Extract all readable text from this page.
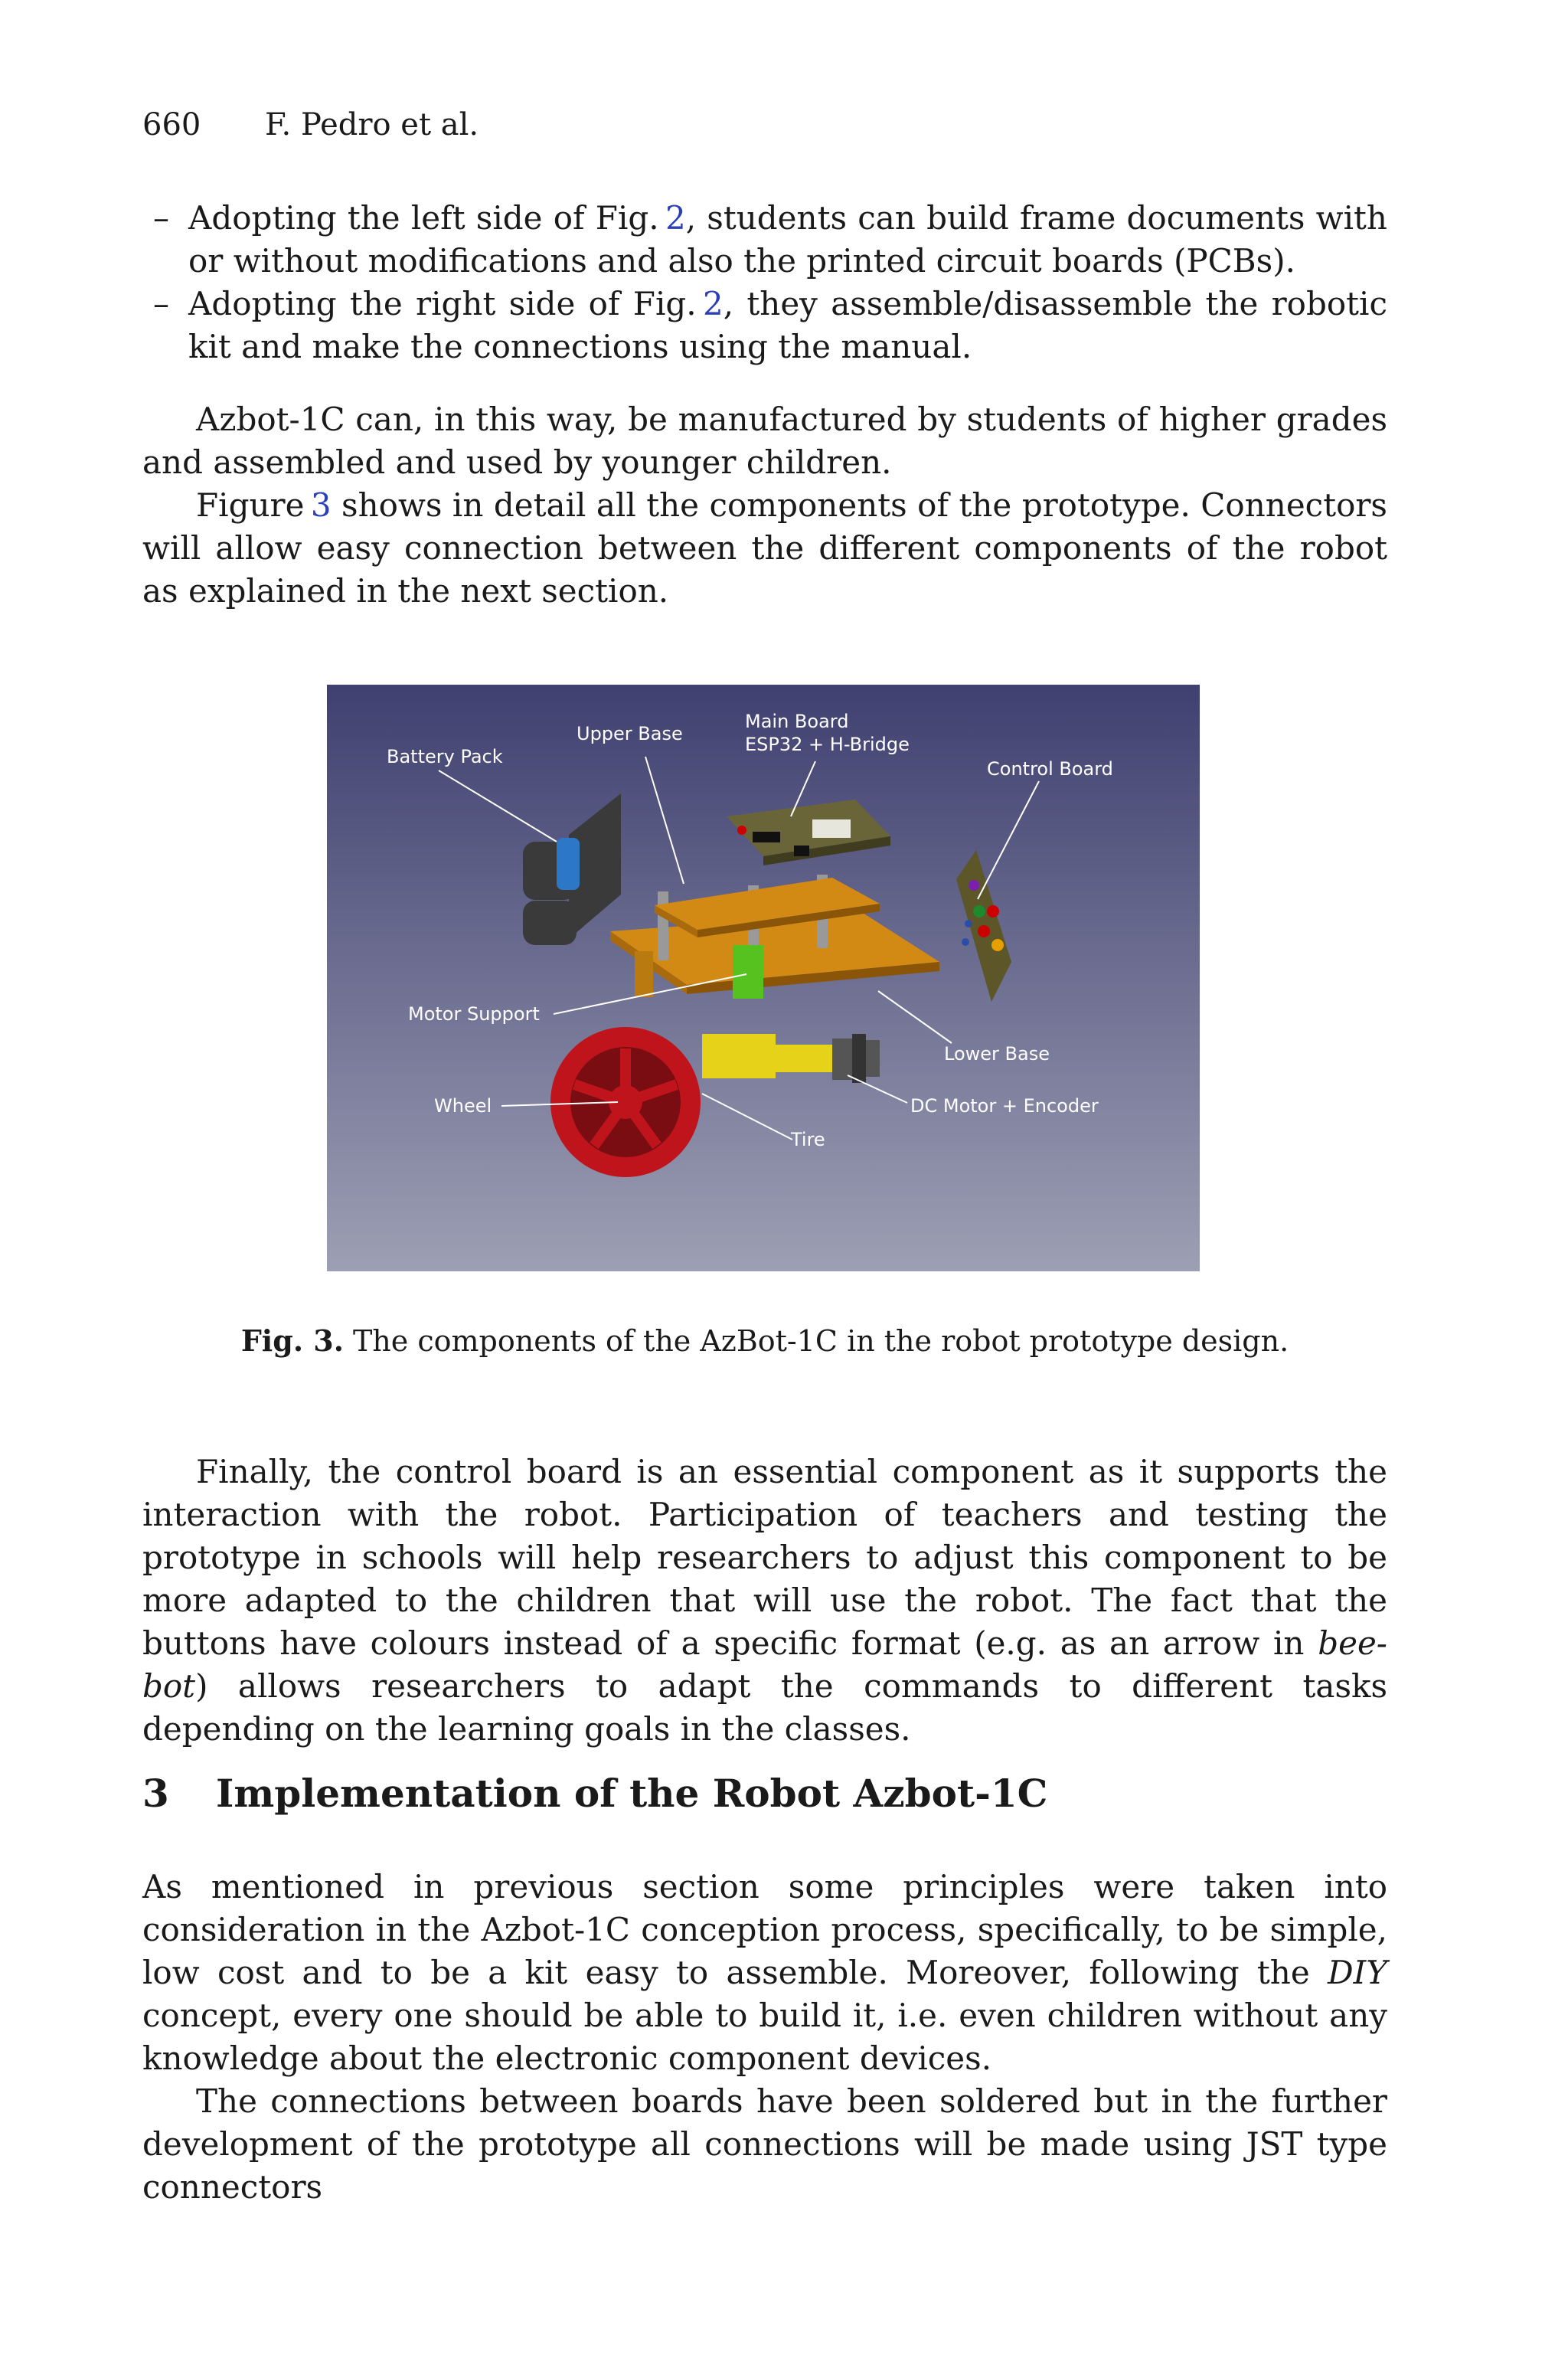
660 F. Pedro et al.
– Adopting the left side of Fig. 2, students can build frame documents with or without modifications and also the printed circuit boards (PCBs).
– Adopting the right side of Fig. 2, they assemble/disassemble the robotic kit and make the connections using the manual.
Azbot-1C can, in this way, be manufactured by students of higher grades and assembled and used by younger children.
Figure 3 shows in detail all the components of the prototype. Connectors will allow easy connection between the different components of the robot as explained in the next section.
Battery Pack
Upper Base
Main Board
ESP32 + H-Bridge
Control Board
Motor Support
Lower Base
Wheel	DC Motor + Encoder
Tire
Fig. 3. The components of the AzBot-1C in the robot prototype design.
Finally, the control board is an essential component as it supports the interaction with the robot. Participation of teachers and testing the prototype in schools will help researchers to adjust this component to be more adapted to the children that will use the robot. The fact that the buttons have colours instead of a specific format (e.g. as an arrow in bee-bot) allows researchers to adapt the commands to different tasks depending on the learning goals in the classes.
3 Implementation of the Robot Azbot-1C
As mentioned in previous section some principles were taken into consideration in the Azbot-1C conception process, specifically, to be simple, low cost and to be a kit easy to assemble. Moreover, following the DIY concept, every one should be able to build it, i.e. even children without any knowledge about the electronic component devices.
The connections between boards have been soldered but in the further development of the prototype all connections will be made using JST type connectors
